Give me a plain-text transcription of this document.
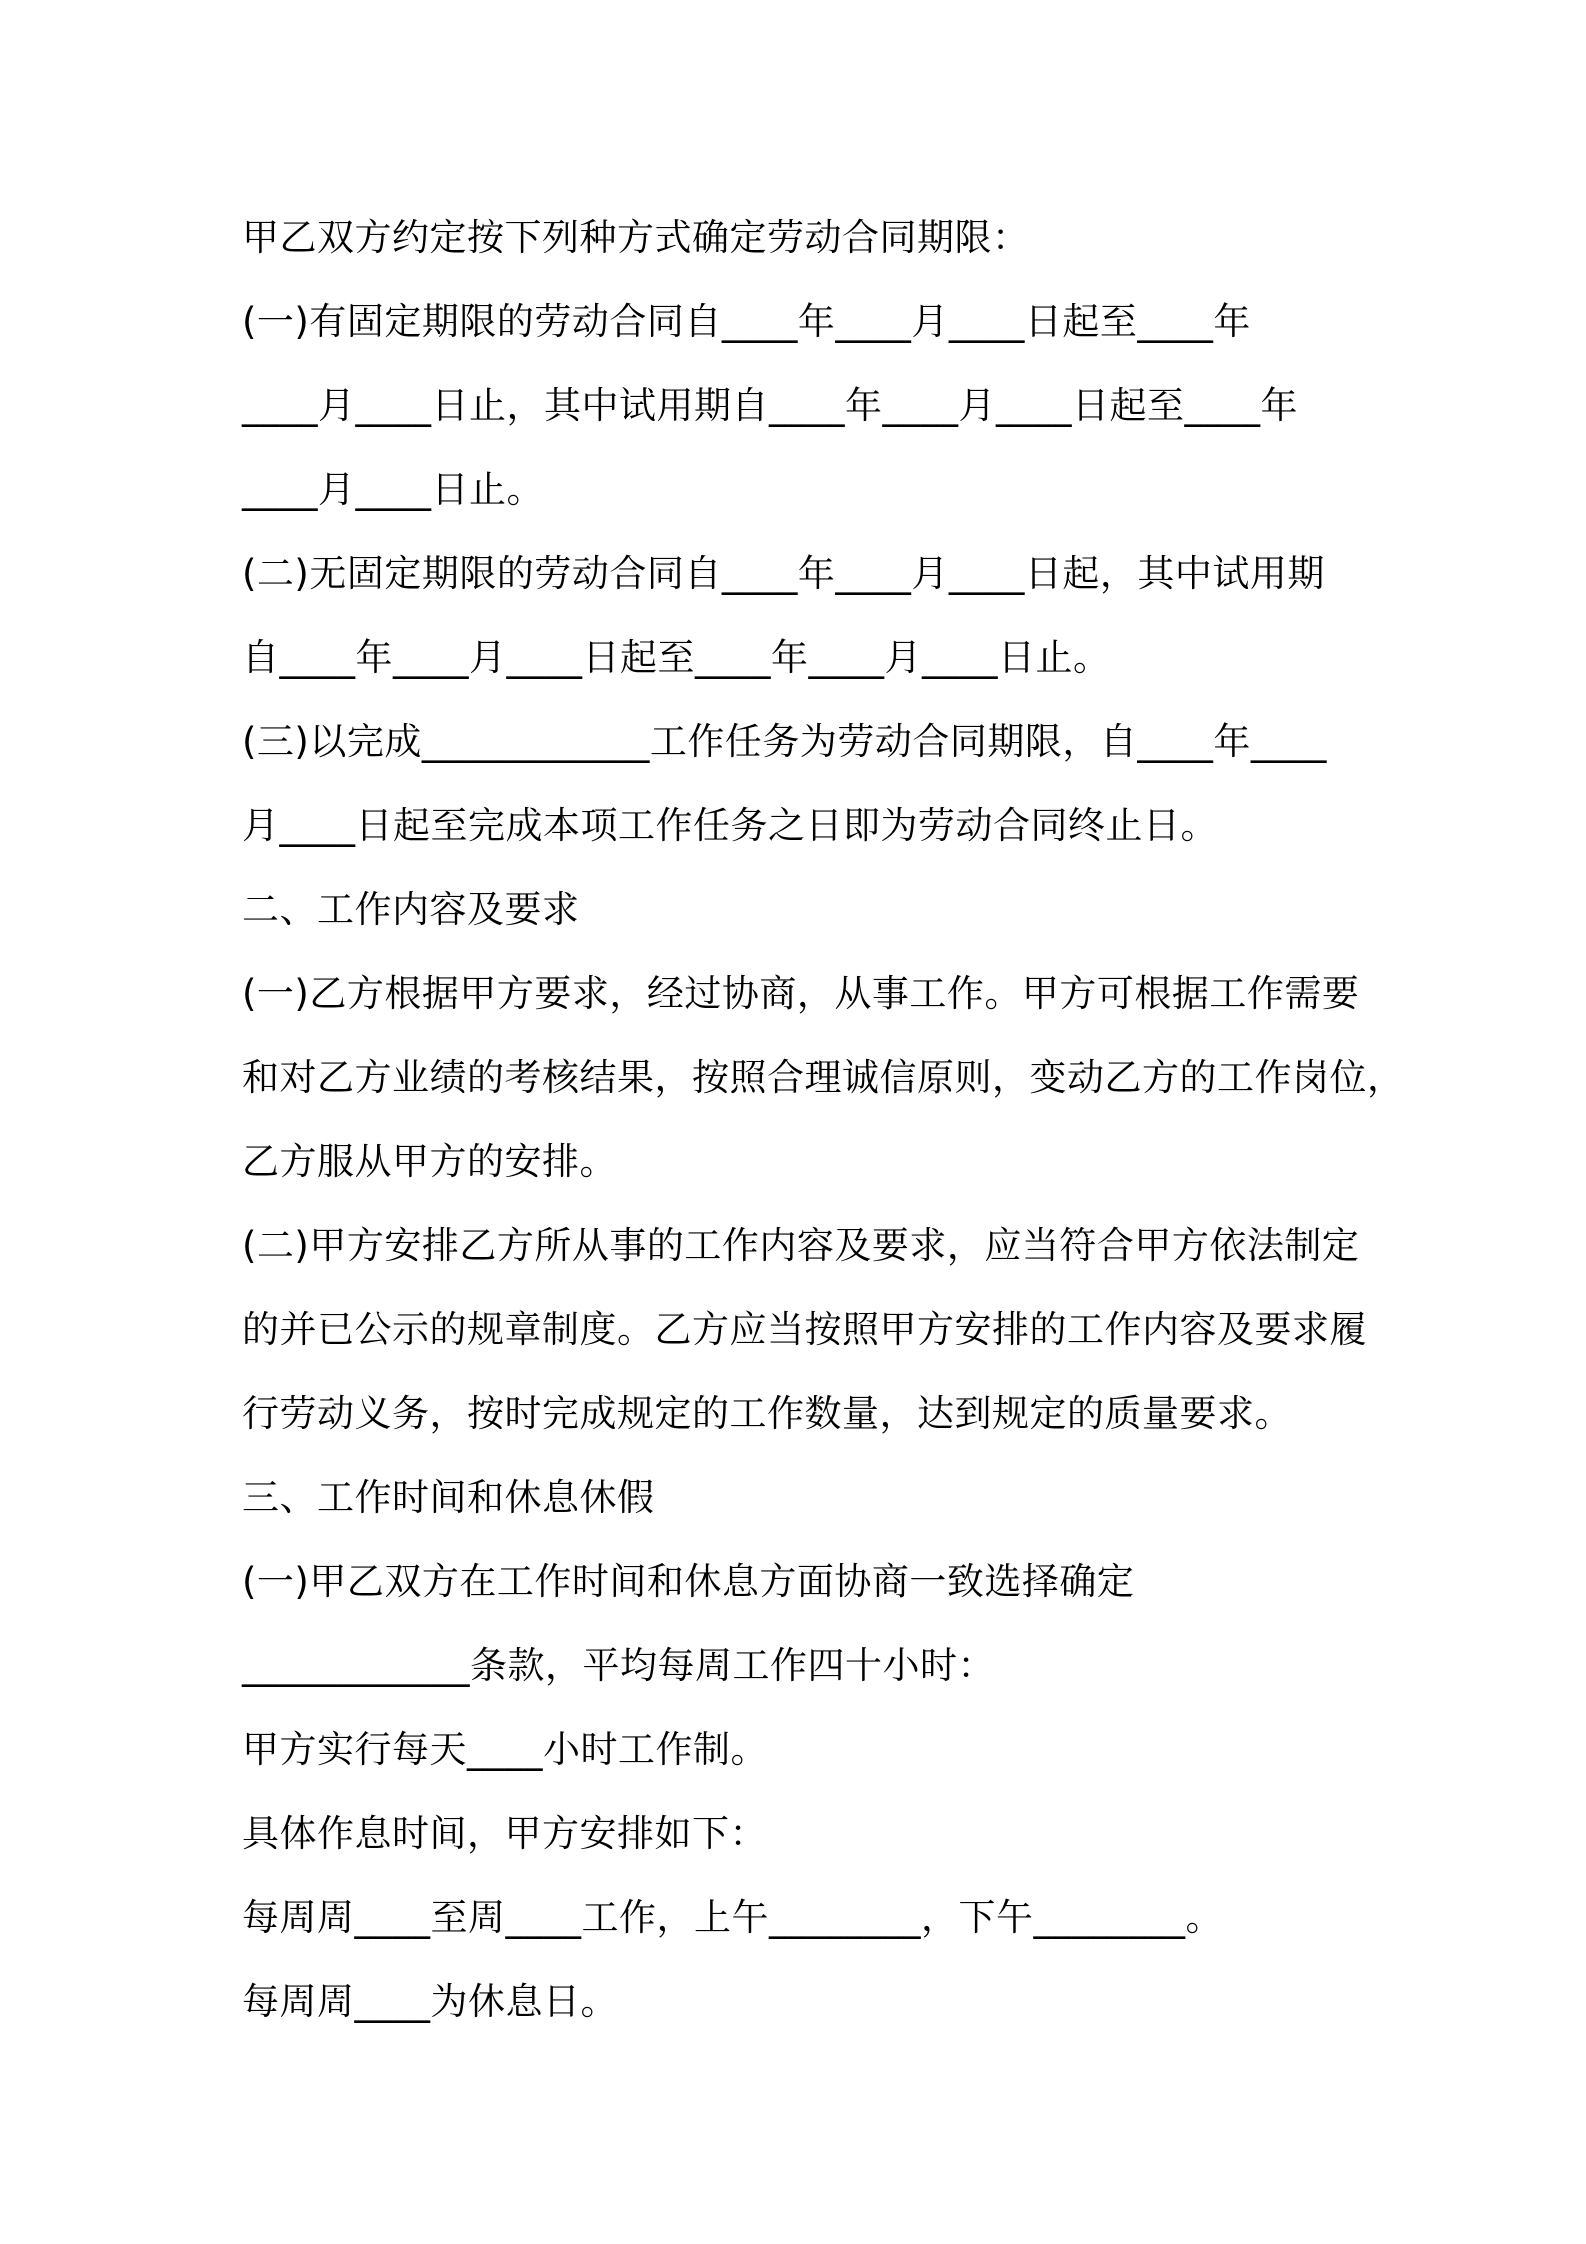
甲乙双方约定按下列种方式确定劳动合同期限：
(一)有固定期限的劳动合同自____年____月____日起至____年
____月____日止，其中试用期自____年____月____日起至____年
____月____日止。
(二)无固定期限的劳动合同自____年____月____日起，其中试用期
自____年____月____日起至____年____月____日止。
(三)以完成____________工作任务为劳动合同期限，自____年____
月____日起至完成本项工作任务之日即为劳动合同终止日。
二、工作内容及要求
(一)乙方根据甲方要求，经过协商，从事工作。甲方可根据工作需要
和对乙方业绩的考核结果，按照合理诚信原则，变动乙方的工作岗位，
乙方服从甲方的安排。
(二)甲方安排乙方所从事的工作内容及要求，应当符合甲方依法制定
的并已公示的规章制度。乙方应当按照甲方安排的工作内容及要求履
行劳动义务，按时完成规定的工作数量，达到规定的质量要求。
三、工作时间和休息休假
(一)甲乙双方在工作时间和休息方面协商一致选择确定
____________条款，平均每周工作四十小时：
甲方实行每天____小时工作制。
具体作息时间，甲方安排如下：
每周周____至周____工作，上午________，下午________。
每周周____为休息日。
